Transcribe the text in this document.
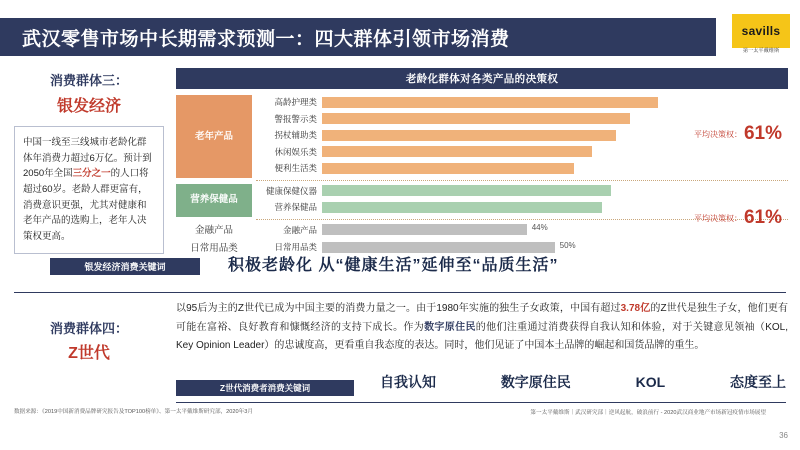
武汉零售市场中长期需求预测一：四大群体引领市场消费	savills
第一太平戴维斯
消费群体三：
银发经济
中国一线至三线城市老龄化群体年消费力超过6万亿。预计到2050年全国三分之一的人口将超过60岁。老龄人群更富有，消费意识更强，尤其对健康和老年产品的选购上，老年人决策权更高。
消费群体四：
Z世代
老龄化群体对各类产品的决策权
老年产品
高龄护理类
警报警示类
拐杖辅助类
休闲娱乐类
便利生活类
平均决策权： 61%
营养保健品
健康保健仪器
营养保健品
平均决策权： 61%
金融产品	金融产品	44%
日常用品类	日常用品类	50%
银发经济消费关键词	积极老龄化 从“健康生活”延伸至“品质生活”
以95后为主的Z世代已成为中国主要的消费力量之一。由于1980年实施的独生子女政策，中国有超过3.78亿的Z世代是独生子女，他们更有可能在富裕、良好教育和慷慨经济的支持下成长。作为数字原住民的他们注重通过消费获得自我认知和体验，对于关键意见领袖（KOL, Key Opinion Leader）的忠诚度高，更看重自我态度的表达。同时，他们见证了中国本土品牌的崛起和国货品牌的重生。
Z世代消费者消费关键词	自我认知	数字原住民	KOL	态度至上
数据来源：《2019中国新消费品牌研究报告及TOP100榜单》、第一太平戴维斯研究部，2020年3月	第一太平戴维斯｜武汉研究部｜逆风起航，破浪前行 - 2020武汉商业地产市场新冠疫情市场展望
36
